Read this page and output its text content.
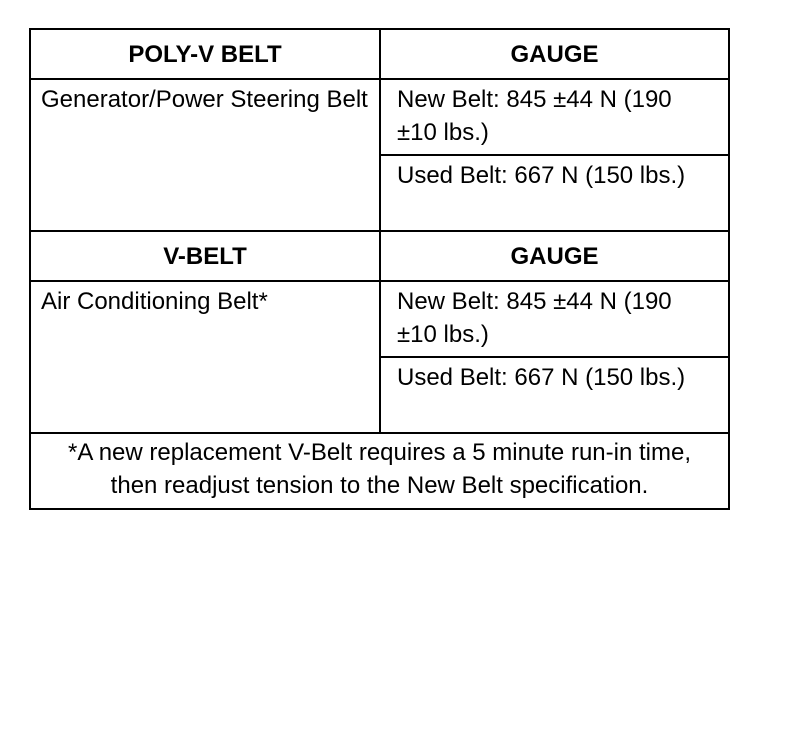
POLY-V BELT	GAUGE
Generator/Power Steering Belt	New Belt: 845 ±44 N (190 ±10 lbs.)
	Used Belt: 667 N (150 lbs.)
V-BELT	GAUGE
Air Conditioning Belt*	New Belt: 845 ±44 N (190 ±10 lbs.)
	Used Belt: 667 N (150 lbs.)
*A new replacement V-Belt requires a 5 minute run-in time, then readjust tension to the New Belt specification.	
